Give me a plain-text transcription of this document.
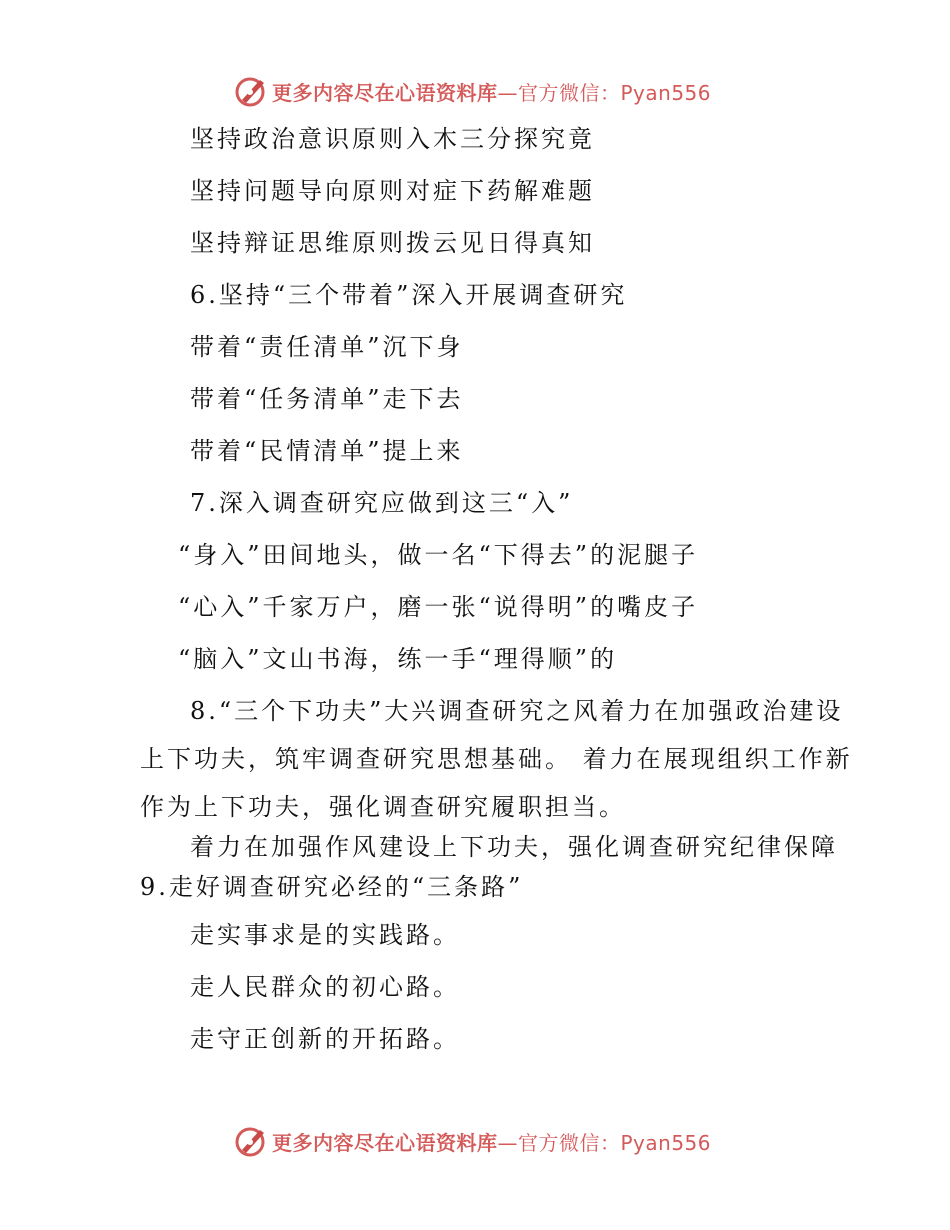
更多内容尽在心语资料库—官方微信：Pyan556
坚持政治意识原则入木三分探究竟
坚持问题导向原则对症下药解难题
坚持辩证思维原则拨云见日得真知
6.坚持“三个带着”深入开展调查研究
带着“责任清单”沉下身
带着“任务清单”走下去
带着“民情清单”提上来
7.深入调查研究应做到这三“入”
“身入”田间地头，做一名“下得去”的泥腿子
“心入”千家万户，磨一张“说得明”的嘴皮子
“脑入”文山书海，练一手“理得顺”的
8.“三个下功夫”大兴调查研究之风着力在加强政治建设
上下功夫，筑牢调查研究思想基础。 着力在展现组织工作新
作为上下功夫，强化调查研究履职担当。
着力在加强作风建设上下功夫，强化调查研究纪律保障
9.走好调查研究必经的“三条路”
走实事求是的实践路。
走人民群众的初心路。
走守正创新的开拓路。
更多内容尽在心语资料库—官方微信：Pyan556
